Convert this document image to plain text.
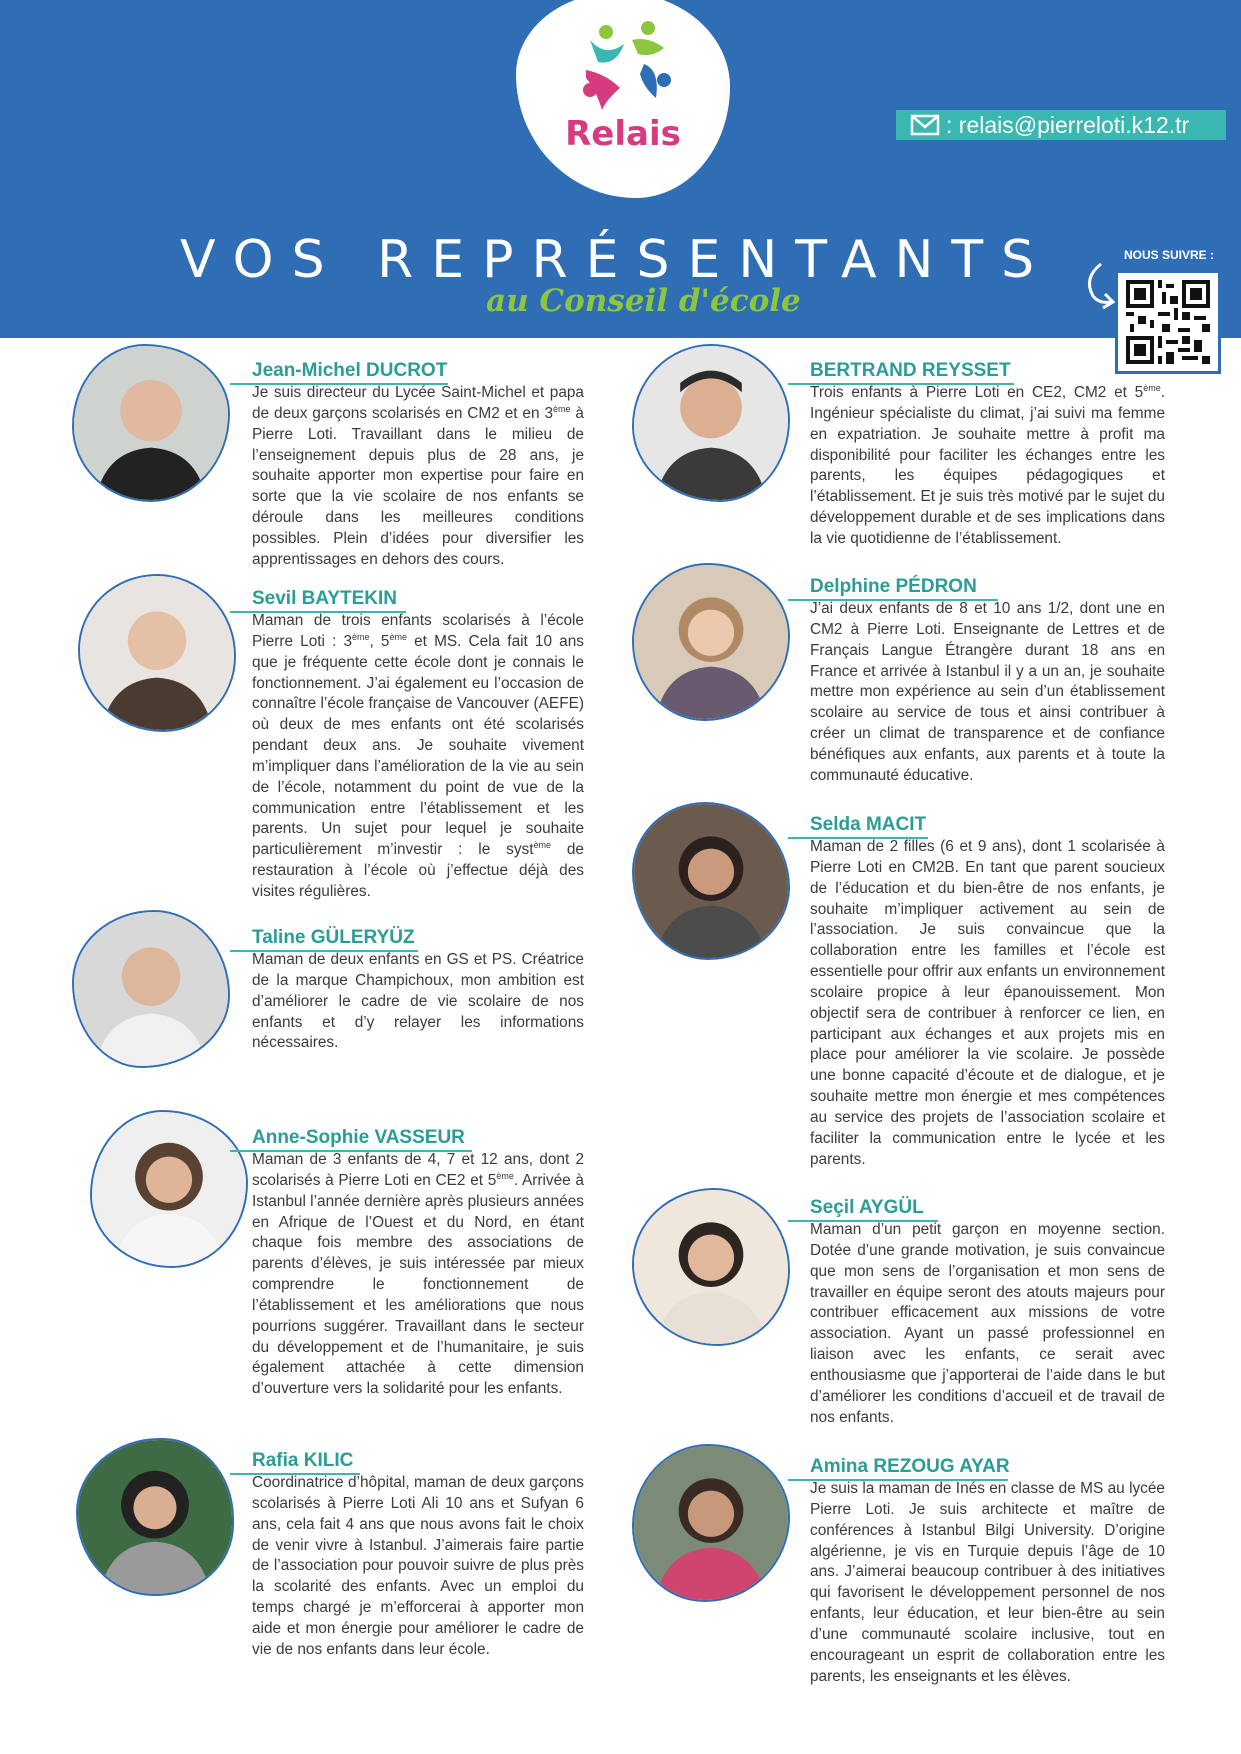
Relais	: relais@pierreloti.k12.tr
VOS REPRÉSENTANTS
au Conseil d'école
NOUS SUIVRE :
Jean-Michel DUCROT
Je suis directeur du Lycée Saint-Michel et papa de deux garçons scolarisés en CM2 et en 3ème à Pierre Loti. Travaillant dans le milieu de l’enseignement depuis plus de 28 ans, je souhaite apporter mon expertise pour faire en sorte que la vie scolaire de nos enfants se déroule dans les meilleures conditions possibles. Plein d’idées pour diversifier les apprentissages en dehors des cours.
Sevil BAYTEKIN
Maman de trois enfants scolarisés à l’école Pierre Loti : 3ème, 5ème et MS. Cela fait 10 ans que je fréquente cette école dont je connais le fonctionnement. J’ai également eu l’occasion de connaître l’école française de Vancouver (AEFE) où deux de mes enfants ont été scolarisés pendant deux ans. Je souhaite vivement m’impliquer dans l’amélioration de la vie au sein de l’école, notamment du point de vue de la communication entre l’établissement et les parents. Un sujet pour lequel je souhaite particulièrement m’investir : le syst$^{ème}$ de restauration à l’école où j’effectue déjà des visites régulières.
Taline GÜLERYÜZ
Maman de deux enfants en GS et PS. Créatrice de la marque Champichoux, mon ambition est d’améliorer le cadre de vie scolaire de nos enfants et d’y relayer les informations nécessaires.
Anne-Sophie VASSEUR
Maman de 3 enfants de 4, 7 et 12 ans, dont 2 scolarisés à Pierre Loti en CE2 et 5ème. Arrivée à Istanbul l’année dernière après plusieurs années en Afrique de l’Ouest et du Nord, en étant chaque fois membre des associations de parents d’élèves, je suis intéressée par mieux comprendre le fonctionnement de l’établissement et les améliorations que nous pourrions suggérer. Travaillant dans le secteur du développement et de l’humanitaire, je suis également attachée à cette dimension d’ouverture vers la solidarité pour les enfants.
Rafia KILIC
Coordinatrice d’hôpital, maman de deux garçons scolarisés à Pierre Loti Ali 10 ans et Sufyan 6 ans, cela fait 4 ans que nous avons fait le choix de venir vivre à Istanbul. J’aimerais faire partie de l’association pour pouvoir suivre de plus près la scolarité des enfants. Avec un emploi du temps chargé je m’efforcerai à apporter mon aide et mon énergie pour améliorer le cadre de vie de nos enfants dans leur école.
BERTRAND REYSSET
Trois enfants à Pierre Loti en CE2, CM2 et 5ème. Ingénieur spécialiste du climat, j’ai suivi ma femme en expatriation. Je souhaite mettre à profit ma disponibilité pour faciliter les échanges entre les parents, les équipes pédagogiques et l’établissement. Et je suis très motivé par le sujet du développement durable et de ses implications dans la vie quotidienne de l’établissement.
Delphine PÉDRON
J’ai deux enfants de 8 et 10 ans 1/2, dont une en CM2 à Pierre Loti. Enseignante de Lettres et de Français Langue Étrangère durant 18 ans en France et arrivée à Istanbul il y a un an, je souhaite mettre mon expérience au sein d’un établissement scolaire au service de tous et ainsi contribuer à créer un climat de transparence et de confiance bénéfiques aux enfants, aux parents et à toute la communauté éducative.
Selda MACIT
Maman de 2 filles (6 et 9 ans), dont 1 scolarisée à Pierre Loti en CM2B. En tant que parent soucieux de l’éducation et du bien-être de nos enfants, je souhaite m’impliquer activement au sein de l’association. Je suis convaincue que la collaboration entre les familles et l’école est essentielle pour offrir aux enfants un environnement scolaire propice à leur épanouissement. Mon objectif sera de contribuer à renforcer ce lien, en participant aux échanges et aux projets mis en place pour améliorer la vie scolaire. Je possède une bonne capacité d’écoute et de dialogue, et je souhaite mettre mon énergie et mes compétences au service des projets de l’association scolaire et faciliter la communication entre le lycée et les parents.
Seçil AYGÜL
Maman d’un petit garçon en moyenne section. Dotée d’une grande motivation, je suis convaincue que mon sens de l’organisation et mon sens de travailler en équipe seront des atouts majeurs pour contribuer efficacement aux missions de votre association. Ayant un passé professionnel en liaison avec les enfants, ce serait avec enthousiasme que j’apporterai de l’aide dans le but d’améliorer les conditions d’accueil et de travail de nos enfants.
Amina REZOUG AYAR
Je suis la maman de Inés en classe de MS au lycée Pierre Loti. Je suis architecte et maître de conférences à Istanbul Bilgi University. D’origine algérienne, je vis en Turquie depuis l’âge de 10 ans. J’aimerai beaucoup contribuer à des initiatives qui favorisent le développement personnel de nos enfants, leur éducation, et leur bien-être au sein d’une communauté scolaire inclusive, tout en encourageant un esprit de collaboration entre les parents, les enseignants et les élèves.
